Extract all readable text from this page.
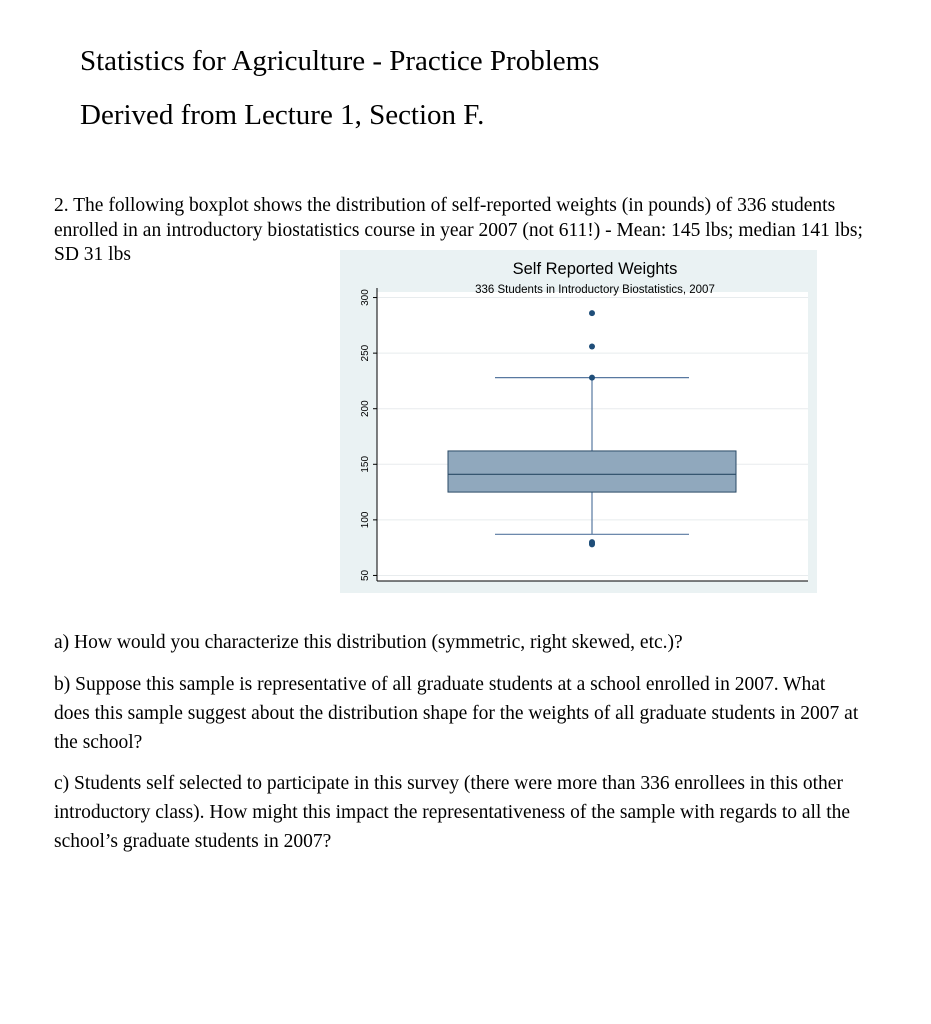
Statistics for Agriculture - Practice Problems
Derived from Lecture 1, Section F.
2. The following boxplot shows the distribution of self-reported weights (in pounds) of 336 students enrolled in an introductory biostatistics course in year 2007 (not 611!) - Mean: 145 lbs; median 141 lbs; SD 31 lbs
Self Reported Weights
336 Students in Introductory Biostatistics, 2007
50
100
150
200
250
300
a) How would you characterize this distribution (symmetric, right skewed, etc.)?
b) Suppose this sample is representative of all graduate students at a school enrolled in 2007. What does this sample suggest about the distribution shape for the weights of all graduate students in 2007 at the school?
c) Students self selected to participate in this survey (there were more than 336 enrollees in this other introductory class). How might this impact the representativeness of the sample with regards to all the school’s graduate students in 2007?
